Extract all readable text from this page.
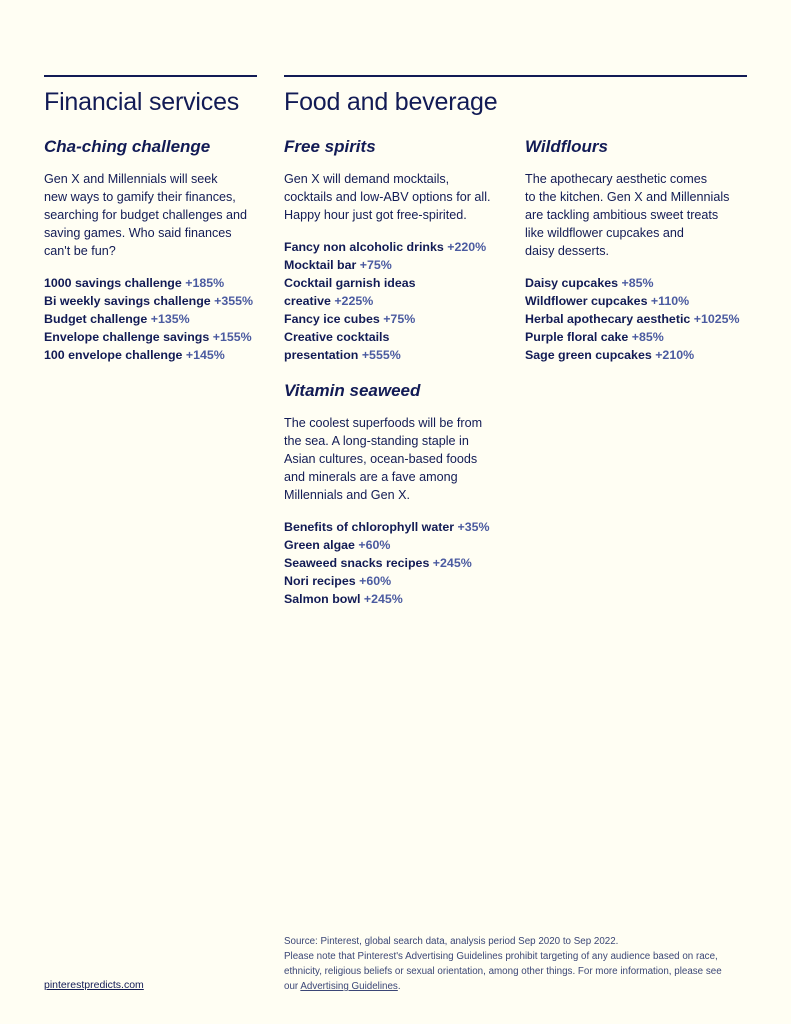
Financial services
Cha-ching challenge

Gen X and Millennials will seek
new ways to gamify their finances,
searching for budget challenges and
saving games. Who said finances
can't be fun?

1000 savings challenge +185%
Bi weekly savings challenge +355%
Budget challenge +135%
Envelope challenge savings +155%
100 envelope challenge +145%
Food and beverage
Free spirits

Gen X will demand mocktails,
cocktails and low-ABV options for all.
Happy hour just got free-spirited.

Fancy non alcoholic drinks +220%
Mocktail bar +75%
Cocktail garnish ideas
creative +225%
Fancy ice cubes +75%
Creative cocktails
presentation +555%
Vitamin seaweed

The coolest superfoods will be from
the sea. A long-standing staple in
Asian cultures, ocean-based foods
and minerals are a fave among
Millennials and Gen X.

Benefits of chlorophyll water +35%
Green algae +60%
Seaweed snacks recipes +245%
Nori recipes +60%
Salmon bowl +245%
Wildflours

The apothecary aesthetic comes
to the kitchen. Gen X and Millennials
are tackling ambitious sweet treats
like wildflower cupcakes and
daisy desserts.

Daisy cupcakes +85%
Wildflower cupcakes +110%
Herbal apothecary aesthetic +1025%
Purple floral cake +85%
Sage green cupcakes +210%
pinterestpredicts.com

Source: Pinterest, global search data, analysis period Sep 2020 to Sep 2022.

Please note that Pinterest's Advertising Guidelines prohibit targeting of any audience based on race,
ethnicity, religious beliefs or sexual orientation, among other things. For more information, please see
our Advertising Guidelines.
